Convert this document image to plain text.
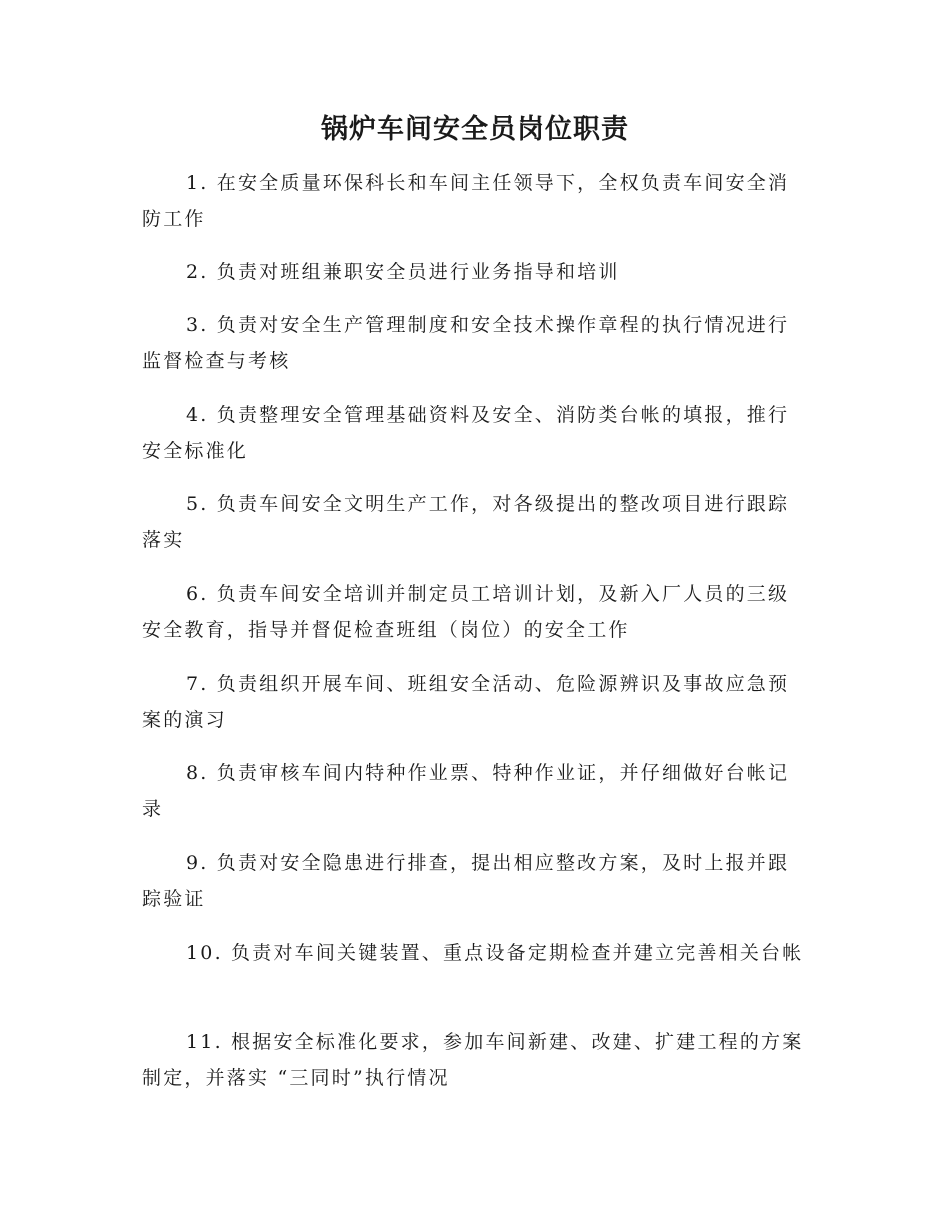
锅炉车间安全员岗位职责

1. 在安全质量环保科长和车间主任领导下，全权负责车间安全消防工作

2. 负责对班组兼职安全员进行业务指导和培训

3. 负责对安全生产管理制度和安全技术操作章程的执行情况进行监督检查与考核

4. 负责整理安全管理基础资料及安全、消防类台帐的填报，推行安全标准化

5. 负责车间安全文明生产工作，对各级提出的整改项目进行跟踪落实

6. 负责车间安全培训并制定员工培训计划，及新入厂人员的三级安全教育，指导并督促检查班组（岗位）的安全工作

7. 负责组织开展车间、班组安全活动、危险源辨识及事故应急预案的演习

8. 负责审核车间内特种作业票、特种作业证，并仔细做好台帐记录

9. 负责对安全隐患进行排查，提出相应整改方案，及时上报并跟踪验证

10. 负责对车间关键装置、重点设备定期检查并建立完善相关台帐

11. 根据安全标准化要求，参加车间新建、改建、扩建工程的方案制定，并落实 “三同时”执行情况
